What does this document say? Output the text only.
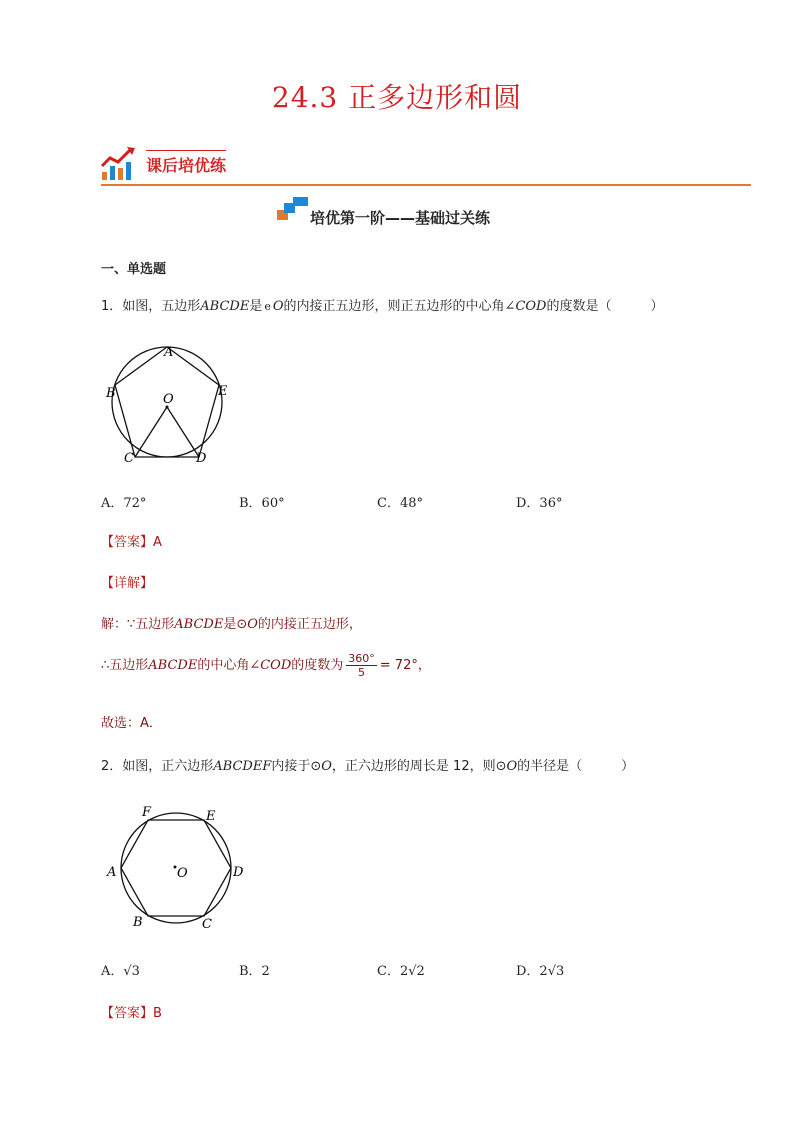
24.3 正多边形和圆
课后培优练
培优第一阶——基础过关练
一、单选题
1．如图，五边形ABCDE是 e O的内接正五边形，则正五边形的中心角∠COD的度数是（　　　）
A
B
C	D
E
O
A．72°	B．60°	C．48°	D．36°
【答案】A
【详解】
解：∵五边形ABCDE是⊙O的内接正五边形，
∴五边形ABCDE的中心角∠COD的度数为 $\frac{360^\circ}{5} = 72^\circ$，
故选：A．
2．如图，正六边形ABCDEF内接于⊙O，正六边形的周长是 12，则⊙O的半径是（　　　）
F	E
A	D
B	C
O
A．√3	B．2	C．2√2	D．2√3
【答案】B
